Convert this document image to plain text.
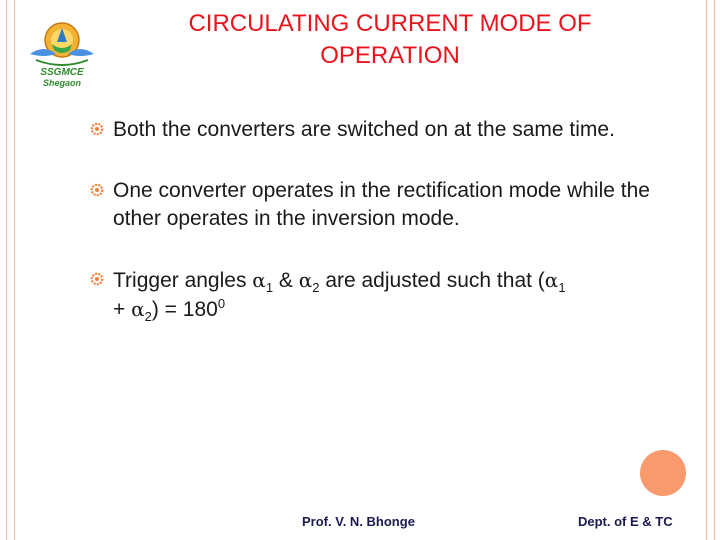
SSGMCE
Shegaon
CIRCULATING CURRENT MODE OF
OPERATION
Both the converters are switched on at the same time.
One converter operates in the rectification mode while the other operates in the inversion mode.
Trigger angles $\alpha_1$ & $\alpha_2$ are adjusted such that ($\alpha_1$
+ $\alpha_2) = 180^0$
Prof. V. N. Bhonge	Dept. of E & TC
